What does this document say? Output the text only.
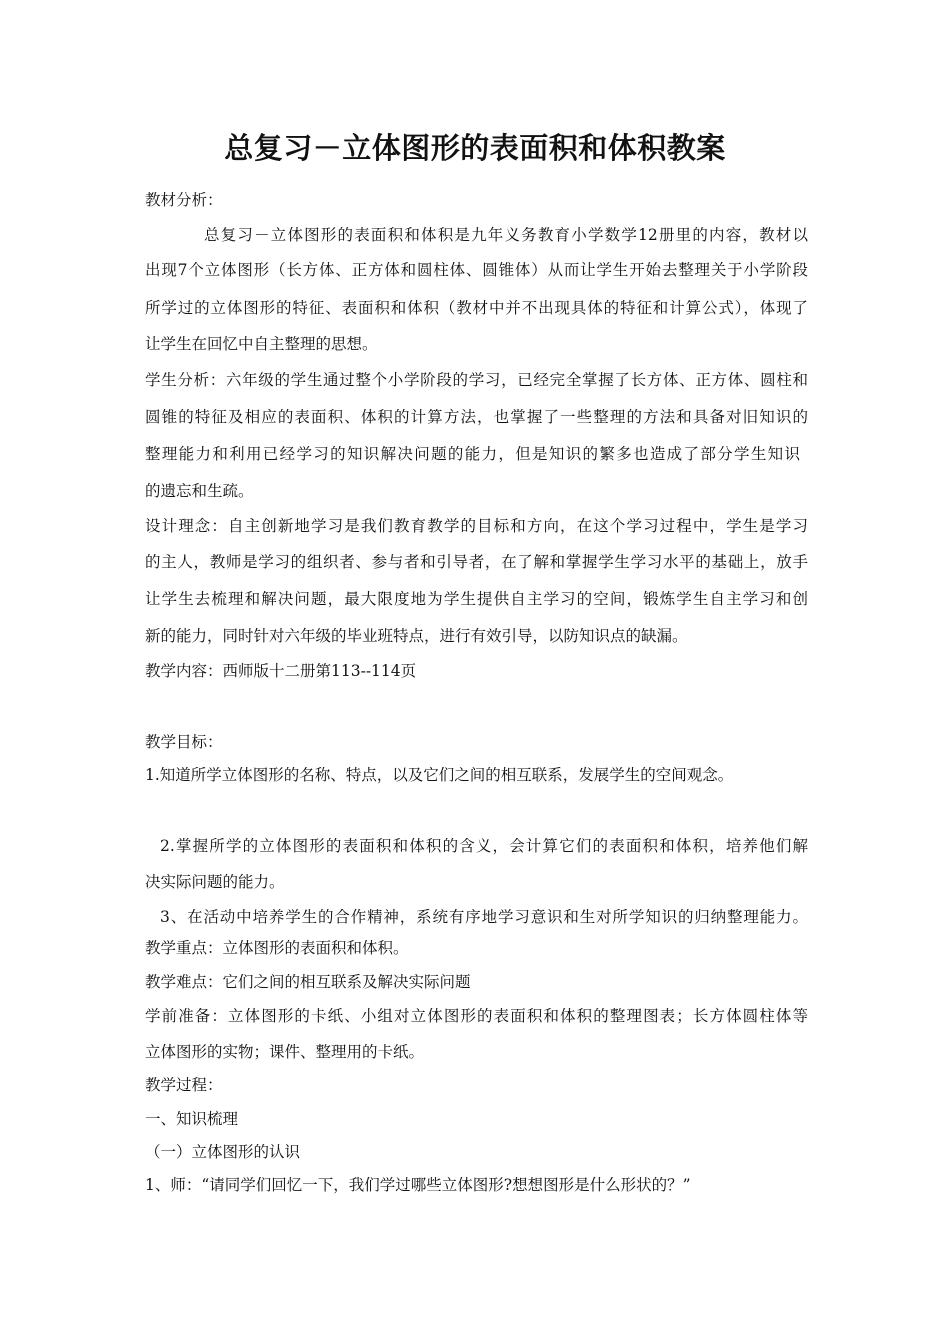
总复习－立体图形的表面积和体积教案
教材分析：
总复习－立体图形的表面积和体积是九年义务教育小学数学12册里的内容，教材以
出现7个立体图形（长方体、正方体和圆柱体、圆锥体）从而让学生开始去整理关于小学阶段
所学过的立体图形的特征、表面积和体积（教材中并不出现具体的特征和计算公式），体现了
让学生在回忆中自主整理的思想。
学生分析：六年级的学生通过整个小学阶段的学习，已经完全掌握了长方体、正方体、圆柱和
圆锥的特征及相应的表面积、体积的计算方法，也掌握了一些整理的方法和具备对旧知识的
整理能力和利用已经学习的知识解决问题的能力，但是知识的繁多也造成了部分学生知识
的遗忘和生疏。
设计理念：自主创新地学习是我们教育教学的目标和方向，在这个学习过程中，学生是学习
的主人，教师是学习的组织者、参与者和引导者，在了解和掌握学生学习水平的基础上，放手
让学生去梳理和解决问题，最大限度地为学生提供自主学习的空间，锻炼学生自主学习和创
新的能力，同时针对六年级的毕业班特点，进行有效引导，以防知识点的缺漏。
教学内容：西师版十二册第113--114页
教学目标：
1.知道所学立体图形的名称、特点，以及它们之间的相互联系，发展学生的空间观念。
2.掌握所学的立体图形的表面积和体积的含义，会计算它们的表面积和体积，培养他们解
决实际问题的能力。
3、在活动中培养学生的合作精神，系统有序地学习意识和生对所学知识的归纳整理能力。
教学重点：立体图形的表面积和体积。
教学难点：它们之间的相互联系及解决实际问题
学前准备：立体图形的卡纸、小组对立体图形的表面积和体积的整理图表；长方体圆柱体等
立体图形的实物；课件、整理用的卡纸。
教学过程：
一、知识梳理
（一）立体图形的认识
1、师：“请同学们回忆一下，我们学过哪些立体图形?想想图形是什么形状的？”
